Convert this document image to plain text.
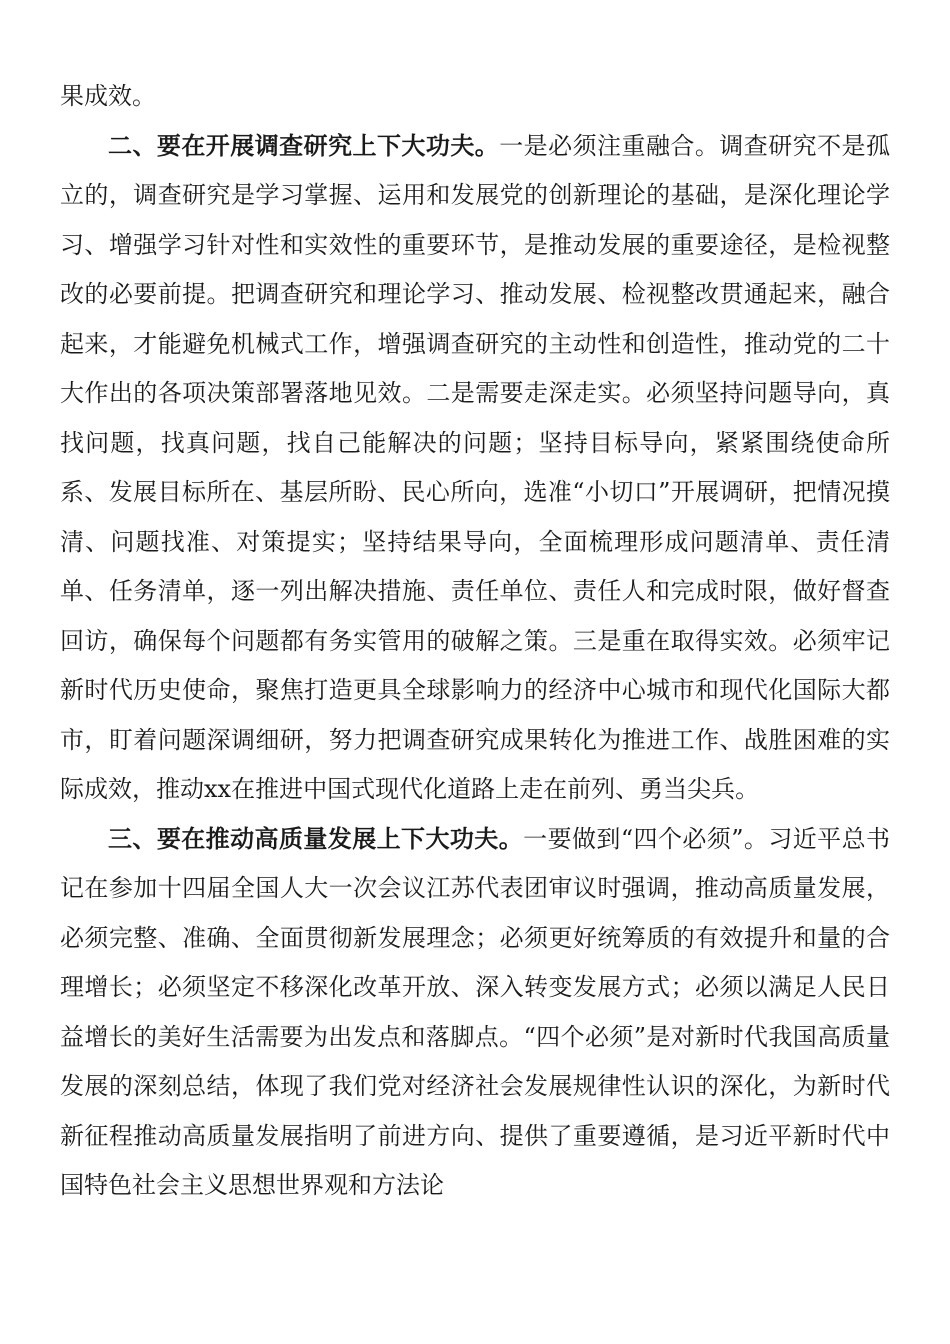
果成效。

二、要在开展调查研究上下大功夫。一是必须注重融合。调查研究不是孤立的，调查研究是学习掌握、运用和发展党的创新理论的基础，是深化理论学习、增强学习针对性和实效性的重要环节，是推动发展的重要途径，是检视整改的必要前提。把调查研究和理论学习、推动发展、检视整改贯通起来，融合起来，才能避免机械式工作，增强调查研究的主动性和创造性，推动党的二十大作出的各项决策部署落地见效。二是需要走深走实。必须坚持问题导向，真找问题，找真问题，找自己能解决的问题；坚持目标导向，紧紧围绕使命所系、发展目标所在、基层所盼、民心所向，选准“小切口”开展调研，把情况摸清、问题找准、对策提实；坚持结果导向，全面梳理形成问题清单、责任清单、任务清单，逐一列出解决措施、责任单位、责任人和完成时限，做好督查回访，确保每个问题都有务实管用的破解之策。三是重在取得实效。必须牢记新时代历史使命，聚焦打造更具全球影响力的经济中心城市和现代化国际大都市，盯着问题深调细研，努力把调查研究成果转化为推进工作、战胜困难的实际成效，推动xx在推进中国式现代化道路上走在前列、勇当尖兵。

三、要在推动高质量发展上下大功夫。一要做到“四个必须”。习近平总书记在参加十四届全国人大一次会议江苏代表团审议时强调，推动高质量发展，必须完整、准确、全面贯彻新发展理念；必须更好统筹质的有效提升和量的合理增长；必须坚定不移深化改革开放、深入转变发展方式；必须以满足人民日益增长的美好生活需要为出发点和落脚点。“四个必须”是对新时代我国高质量发展的深刻总结，体现了我们党对经济社会发展规律性认识的深化，为新时代新征程推动高质量发展指明了前进方向、提供了重要遵循，是习近平新时代中国特色社会主义思想世界观和方法论
